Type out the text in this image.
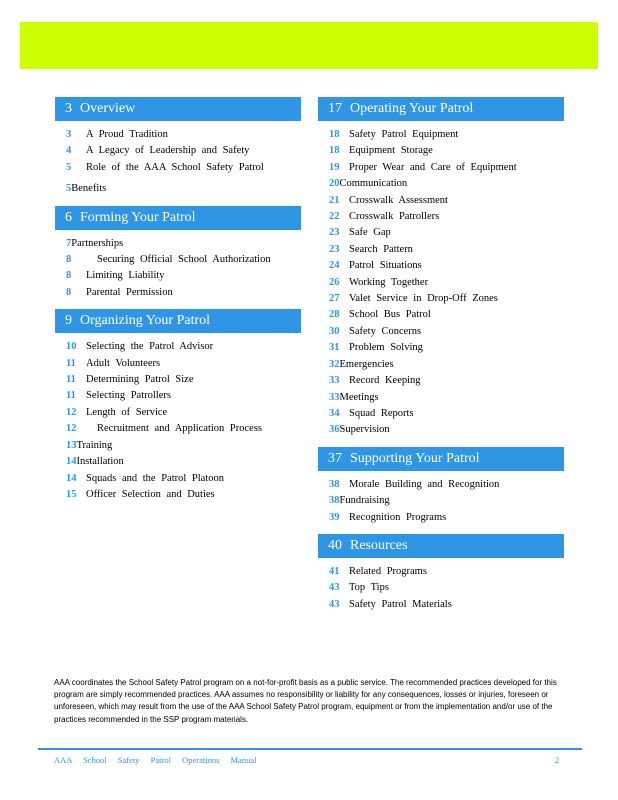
3 Overview
3 A Proud Tradition
4 A Legacy of Leadership and Safety
5 Role of the AAA School Safety Patrol
5Benefits
6 Forming Your Patrol
7Partnerships
8 Securing Official School Authorization
8 Limiting Liability
8 Parental Permission
9 Organizing Your Patrol
10 Selecting the Patrol Advisor
11 Adult Volunteers
11 Determining Patrol Size
11 Selecting Patrollers
12 Length of Service
12 Recruitment and Application Process
13Training
14Installation
14 Squads and the Patrol Platoon
15 Officer Selection and Duties
17 Operating Your Patrol
18 Safety Patrol Equipment
18 Equipment Storage
19 Proper Wear and Care of Equipment
20Communication
21 Crosswalk Assessment
22 Crosswalk Patrollers
23 Safe Gap
23 Search Pattern
24 Patrol Situations
26 Working Together
27 Valet Service in Drop-Off Zones
28 School Bus Patrol
30 Safety Concerns
31 Problem Solving
32Emergencies
33 Record Keeping
33Meetings
34 Squad Reports
36Supervision
37 Supporting Your Patrol
38 Morale Building and Recognition
38Fundraising
39 Recognition Programs
40 Resources
41 Related Programs
43 Top Tips
43 Safety Patrol Materials
AAA coordinates the School Safety Patrol program on a not-for-profit basis as a public service. The recommended practices developed for this program are simply recommended practices. AAA assumes no responsibility or liability for any consequences, losses or injuries, foreseen or unforeseen, which may result from the use of the AAA School Safety Patrol program, equipment or from the implementation and/or use of the practices recommended in the SSP program materials.
AAA School Safety Patrol Operations Manual	2
